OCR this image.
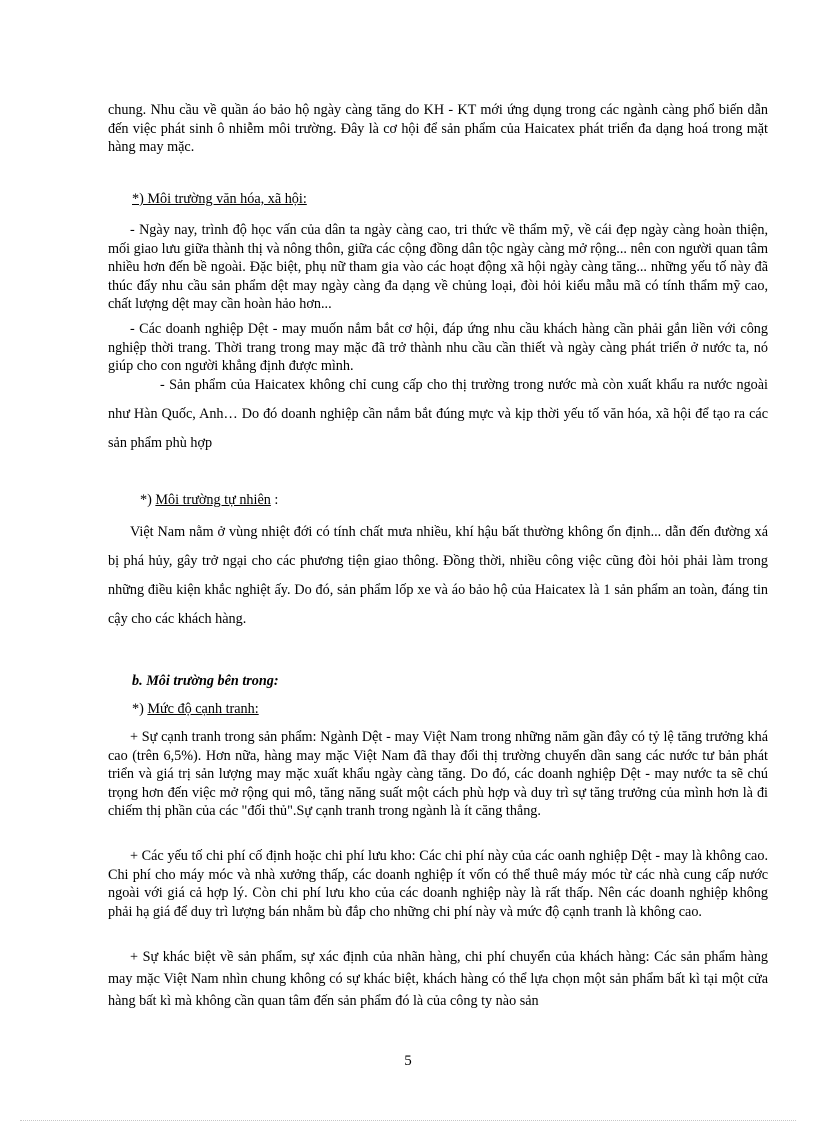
chung. Nhu cầu về quần áo bảo hộ ngày càng tăng do KH - KT mới ứng dụng trong các ngành càng phổ biến dẫn đến việc phát sinh ô nhiễm môi trường. Đây là cơ hội để sản phẩm của Haicatex phát triển đa dạng hoá trong mặt hàng may mặc.

*) Môi trường văn hóa, xã hội:

- Ngày nay, trình độ học vấn của dân ta ngày càng cao, tri thức về thẩm mỹ, về cái đẹp ngày càng hoàn thiện, mối giao lưu giữa thành thị và nông thôn, giữa các cộng đồng dân tộc ngày càng mở rộng... nên con người quan tâm nhiều hơn đến bề ngoài. Đặc biệt, phụ nữ tham gia vào các hoạt động xã hội ngày càng tăng... những yếu tố này đã thúc đẩy nhu cầu sản phẩm dệt may ngày càng đa dạng về chủng loại, đòi hỏi kiểu mẫu mã có tính thẩm mỹ cao, chất lượng dệt may cần hoàn hảo hơn...

- Các doanh nghiệp Dệt - may muốn nắm bắt cơ hội, đáp ứng nhu cầu khách hàng cần phải gắn liền với công nghiệp thời trang. Thời trang trong may mặc đã trở thành nhu cầu cần thiết và ngày càng phát triển ở nước ta, nó giúp cho con người khẳng định được mình.

- Sản phẩm của Haicatex không chỉ cung cấp cho thị trường trong nước mà còn xuất khẩu ra nước ngoài như Hàn Quốc, Anh… Do đó doanh nghiệp cần nắm bắt đúng mực và kịp thời yếu tố văn hóa, xã hội để tạo ra các sản phẩm phù hợp

*) Môi trường tự nhiên :

Việt Nam nằm ở vùng nhiệt đới có tính chất mưa nhiều, khí hậu bất thường không ổn định... dẫn đến đường xá bị phá hủy, gây trở ngại cho các phương tiện giao thông. Đồng thời, nhiều công việc cũng đòi hỏi phải làm trong những điều kiện khắc nghiệt ấy. Do đó, sản phẩm lốp xe và áo bảo hộ của Haicatex là 1 sản phẩm an toàn, đáng tin cậy cho các khách hàng.

b. Môi trường bên trong:

*) Mức độ cạnh tranh:

+ Sự cạnh tranh trong sản phẩm: Ngành Dệt - may Việt Nam trong những năm gần đây có tỷ lệ tăng trưởng khá cao (trên 6,5%). Hơn nữa, hàng may mặc Việt Nam đã thay đổi thị trường chuyển dần sang các nước tư bản phát triển và giá trị sản lượng may mặc xuất khẩu ngày càng tăng. Do đó, các doanh nghiệp Dệt - may nước ta sẽ chú trọng hơn đến việc mở rộng qui mô, tăng năng suất một cách phù hợp và duy trì sự tăng trưởng của mình hơn là đi chiếm thị phần của các "đối thủ".Sự cạnh tranh trong ngành là ít căng thẳng.

+ Các yếu tố chi phí cố định hoặc chi phí lưu kho: Các chi phí này của các oanh nghiệp Dệt - may là không cao. Chi phí cho máy móc và nhà xưởng thấp, các doanh nghiệp ít vốn có thể thuê máy móc từ các nhà cung cấp nước ngoài với giá cả hợp lý. Còn chi phí lưu kho của các doanh nghiệp này là rất thấp. Nên các doanh nghiệp không phải hạ giá để duy trì lượng bán nhằm bù đắp cho những chi phí này và mức độ cạnh tranh là không cao.

+ Sự khác biệt về sản phẩm, sự xác định của nhãn hàng, chi phí chuyển của khách hàng: Các sản phẩm hàng may mặc Việt Nam nhìn chung không có sự khác biệt, khách hàng có thể lựa chọn một sản phẩm bất kì tại một cửa hàng bất kì mà không cần quan tâm đến sản phẩm đó là của công ty nào sản

5
